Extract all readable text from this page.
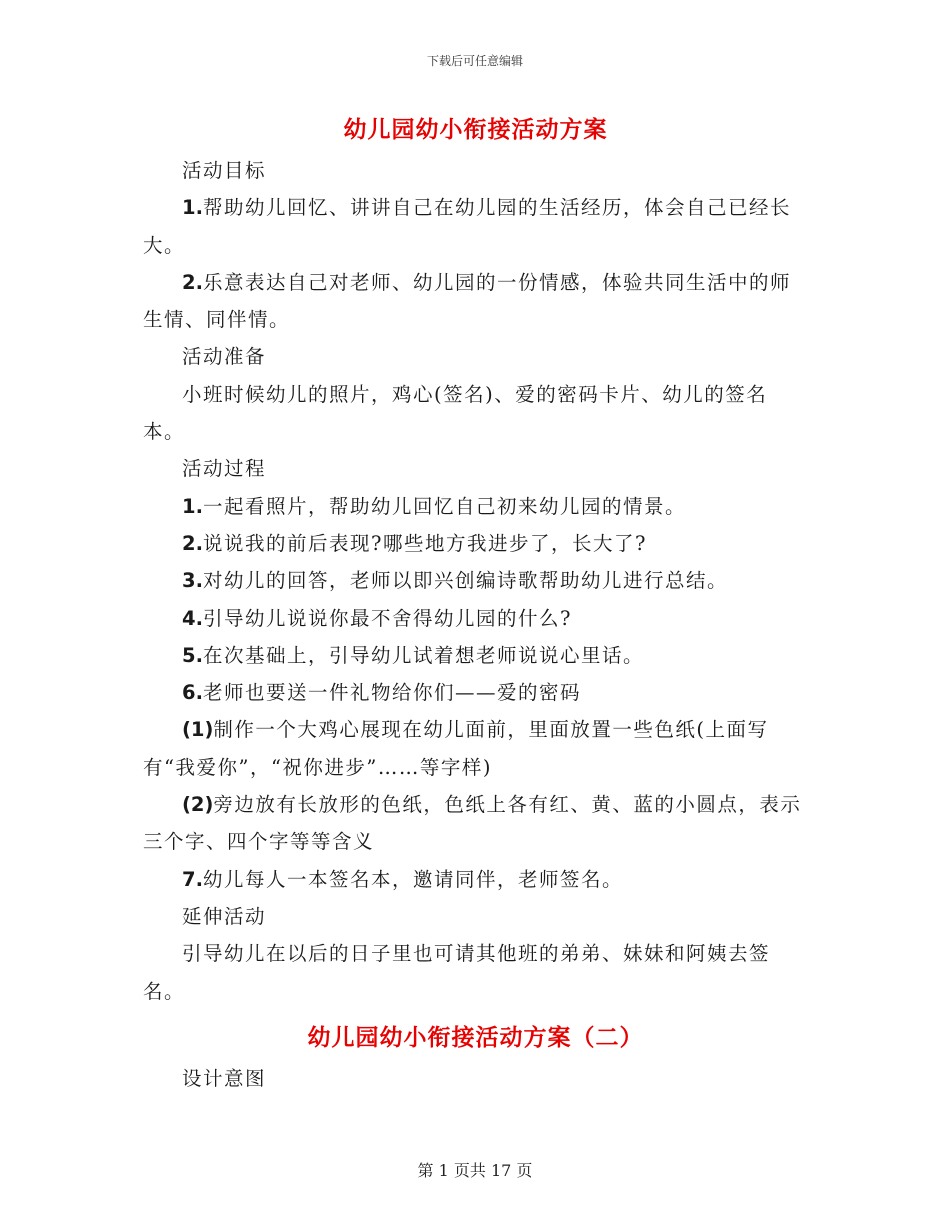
下载后可任意编辑
幼儿园幼小衔接活动方案

活动目标

1.帮助幼儿回忆、讲讲自己在幼儿园的生活经历，体会自己已经长大。

2.乐意表达自己对老师、幼儿园的一份情感，体验共同生活中的师生情、同伴情。

活动准备

小班时候幼儿的照片，鸡心(签名)、爱的密码卡片、幼儿的签名本。

活动过程

1.一起看照片，帮助幼儿回忆自己初来幼儿园的情景。

2.说说我的前后表现?哪些地方我进步了，长大了?

3.对幼儿的回答，老师以即兴创编诗歌帮助幼儿进行总结。

4.引导幼儿说说你最不舍得幼儿园的什么?

5.在次基础上，引导幼儿试着想老师说说心里话。

6.老师也要送一件礼物给你们——爱的密码

(1)制作一个大鸡心展现在幼儿面前，里面放置一些色纸(上面写有“我爱你”，“祝你进步”……等字样)

(2)旁边放有长放形的色纸，色纸上各有红、黄、蓝的小圆点，表示三个字、四个字等等含义

7.幼儿每人一本签名本，邀请同伴，老师签名。

延伸活动

引导幼儿在以后的日子里也可请其他班的弟弟、妹妹和阿姨去签名。

幼儿园幼小衔接活动方案（二）

设计意图

第 1 页共 17 页
